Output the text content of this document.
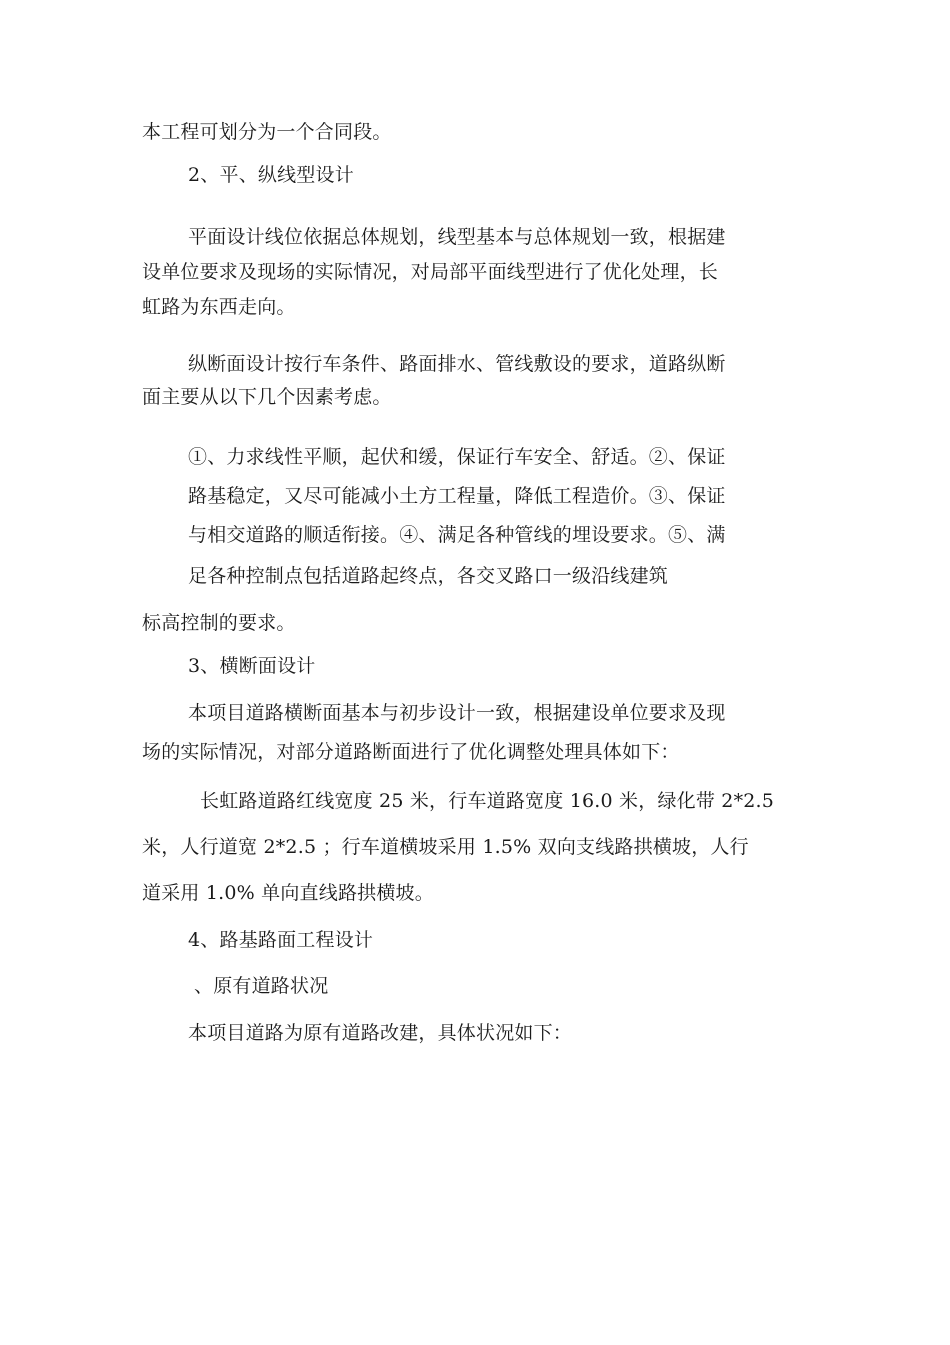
本工程可划分为一个合同段。
2、平、纵线型设计
平面设计线位依据总体规划，线型基本与总体规划一致，根据建
设单位要求及现场的实际情况，对局部平面线型进行了优化处理，长
虹路为东西走向。
纵断面设计按行车条件、路面排水、管线敷设的要求，道路纵断
面主要从以下几个因素考虑。
①、力求线性平顺，起伏和缓，保证行车安全、舒适。②、保证
路基稳定，又尽可能减小土方工程量，降低工程造价。③、保证
与相交道路的顺适衔接。④、满足各种管线的埋设要求。⑤、满
足各种控制点包括道路起终点，各交叉路口一级沿线建筑
标高控制的要求。
3、横断面设计
本项目道路横断面基本与初步设计一致，根据建设单位要求及现
场的实际情况，对部分道路断面进行了优化调整处理具体如下：
长虹路道路红线宽度 25 米，行车道路宽度 16.0 米，绿化带 2*2.5
米，人行道宽 2*2.5 ；行车道横坡采用 1.5% 双向支线路拱横坡，人行
道采用 1.0% 单向直线路拱横坡。
4、路基路面工程设计
、原有道路状况
本项目道路为原有道路改建，具体状况如下：
